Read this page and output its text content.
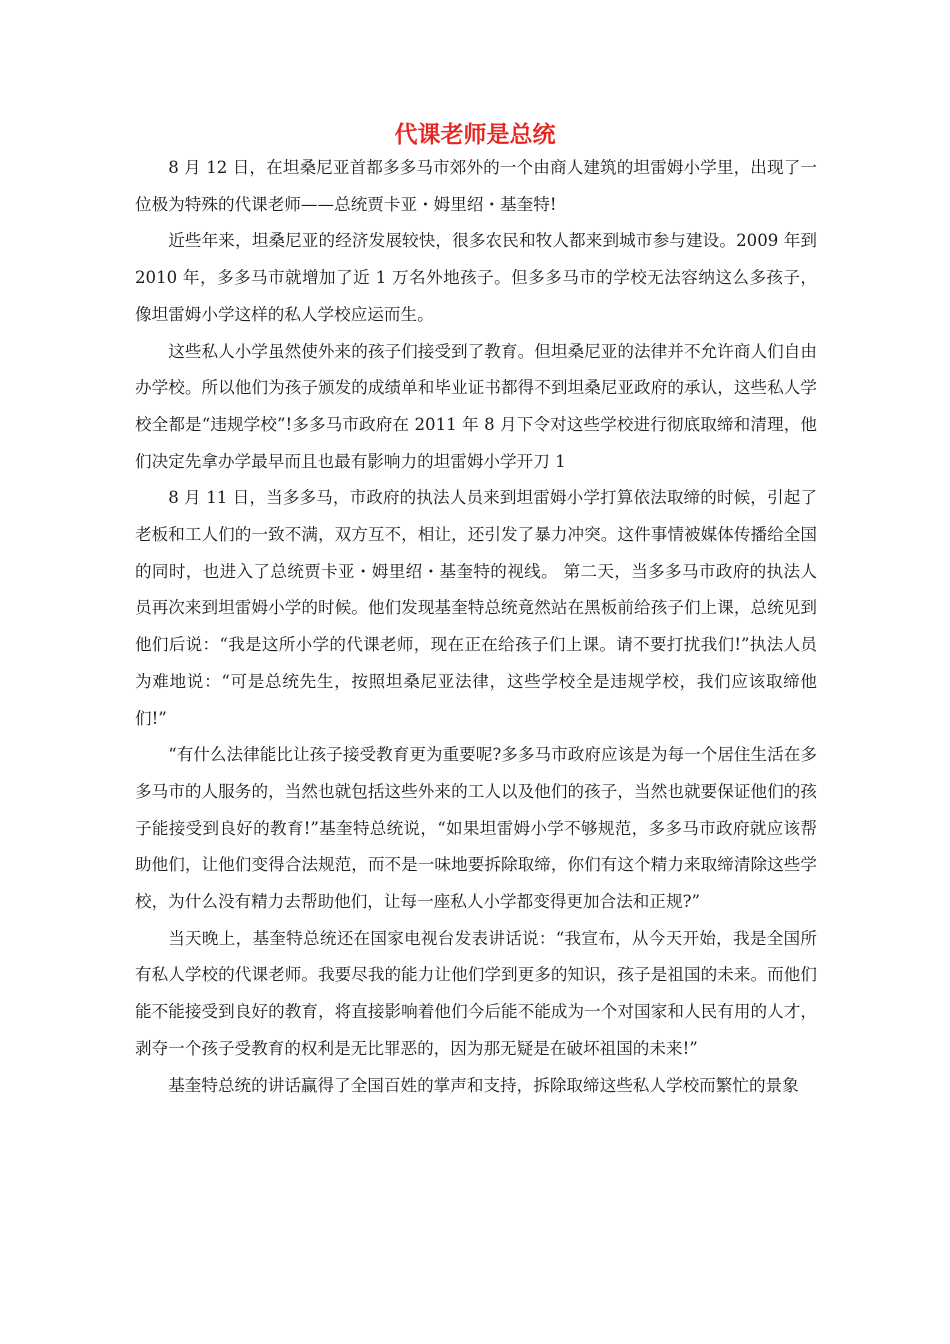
代课老师是总统

8 月 12 日，在坦桑尼亚首都多多马市郊外的一个由商人建筑的坦雷姆小学里，出现了一位极为特殊的代课老师——总统贾卡亚・姆里绍・基奎特!

近些年来，坦桑尼亚的经济发展较快，很多农民和牧人都来到城市参与建设。2009 年到 2010 年，多多马市就增加了近 1 万名外地孩子。但多多马市的学校无法容纳这么多孩子，像坦雷姆小学这样的私人学校应运而生。

这些私人小学虽然使外来的孩子们接受到了教育。但坦桑尼亚的法律并不允许商人们自由办学校。所以他们为孩子颁发的成绩单和毕业证书都得不到坦桑尼亚政府的承认，这些私人学校全都是“违规学校”!多多马市政府在 2011 年 8 月下令对这些学校进行彻底取缔和清理，他们决定先拿办学最早而且也最有影响力的坦雷姆小学开刀 1

8 月 11 日，当多多马，市政府的执法人员来到坦雷姆小学打算依法取缔的时候，引起了老板和工人们的一致不满，双方互不，相让，还引发了暴力冲突。这件事情被媒体传播给全国的同时，也进入了总统贾卡亚・姆里绍・基奎特的视线。 第二天，当多多马市政府的执法人员再次来到坦雷姆小学的时候。他们发现基奎特总统竟然站在黑板前给孩子们上课，总统见到他们后说：“我是这所小学的代课老师，现在正在给孩子们上课。请不要打扰我们!”执法人员为难地说：“可是总统先生，按照坦桑尼亚法律，这些学校全是违规学校，我们应该取缔他们!”

“有什么法律能比让孩子接受教育更为重要呢?多多马市政府应该是为每一个居住生活在多多马市的人服务的，当然也就包括这些外来的工人以及他们的孩子，当然也就要保证他们的孩子能接受到良好的教育!”基奎特总统说，“如果坦雷姆小学不够规范，多多马市政府就应该帮助他们，让他们变得合法规范，而不是一味地要拆除取缔，你们有这个精力来取缔清除这些学校，为什么没有精力去帮助他们，让每一座私人小学都变得更加合法和正规?”

当天晚上，基奎特总统还在国家电视台发表讲话说：“我宣布，从今天开始，我是全国所有私人学校的代课老师。我要尽我的能力让他们学到更多的知识，孩子是祖国的未来。而他们能不能接受到良好的教育，将直接影响着他们今后能不能成为一个对国家和人民有用的人才，剥夺一个孩子受教育的权利是无比罪恶的，因为那无疑是在破坏祖国的未来!”

基奎特总统的讲话赢得了全国百姓的掌声和支持，拆除取缔这些私人学校而繁忙的景象
